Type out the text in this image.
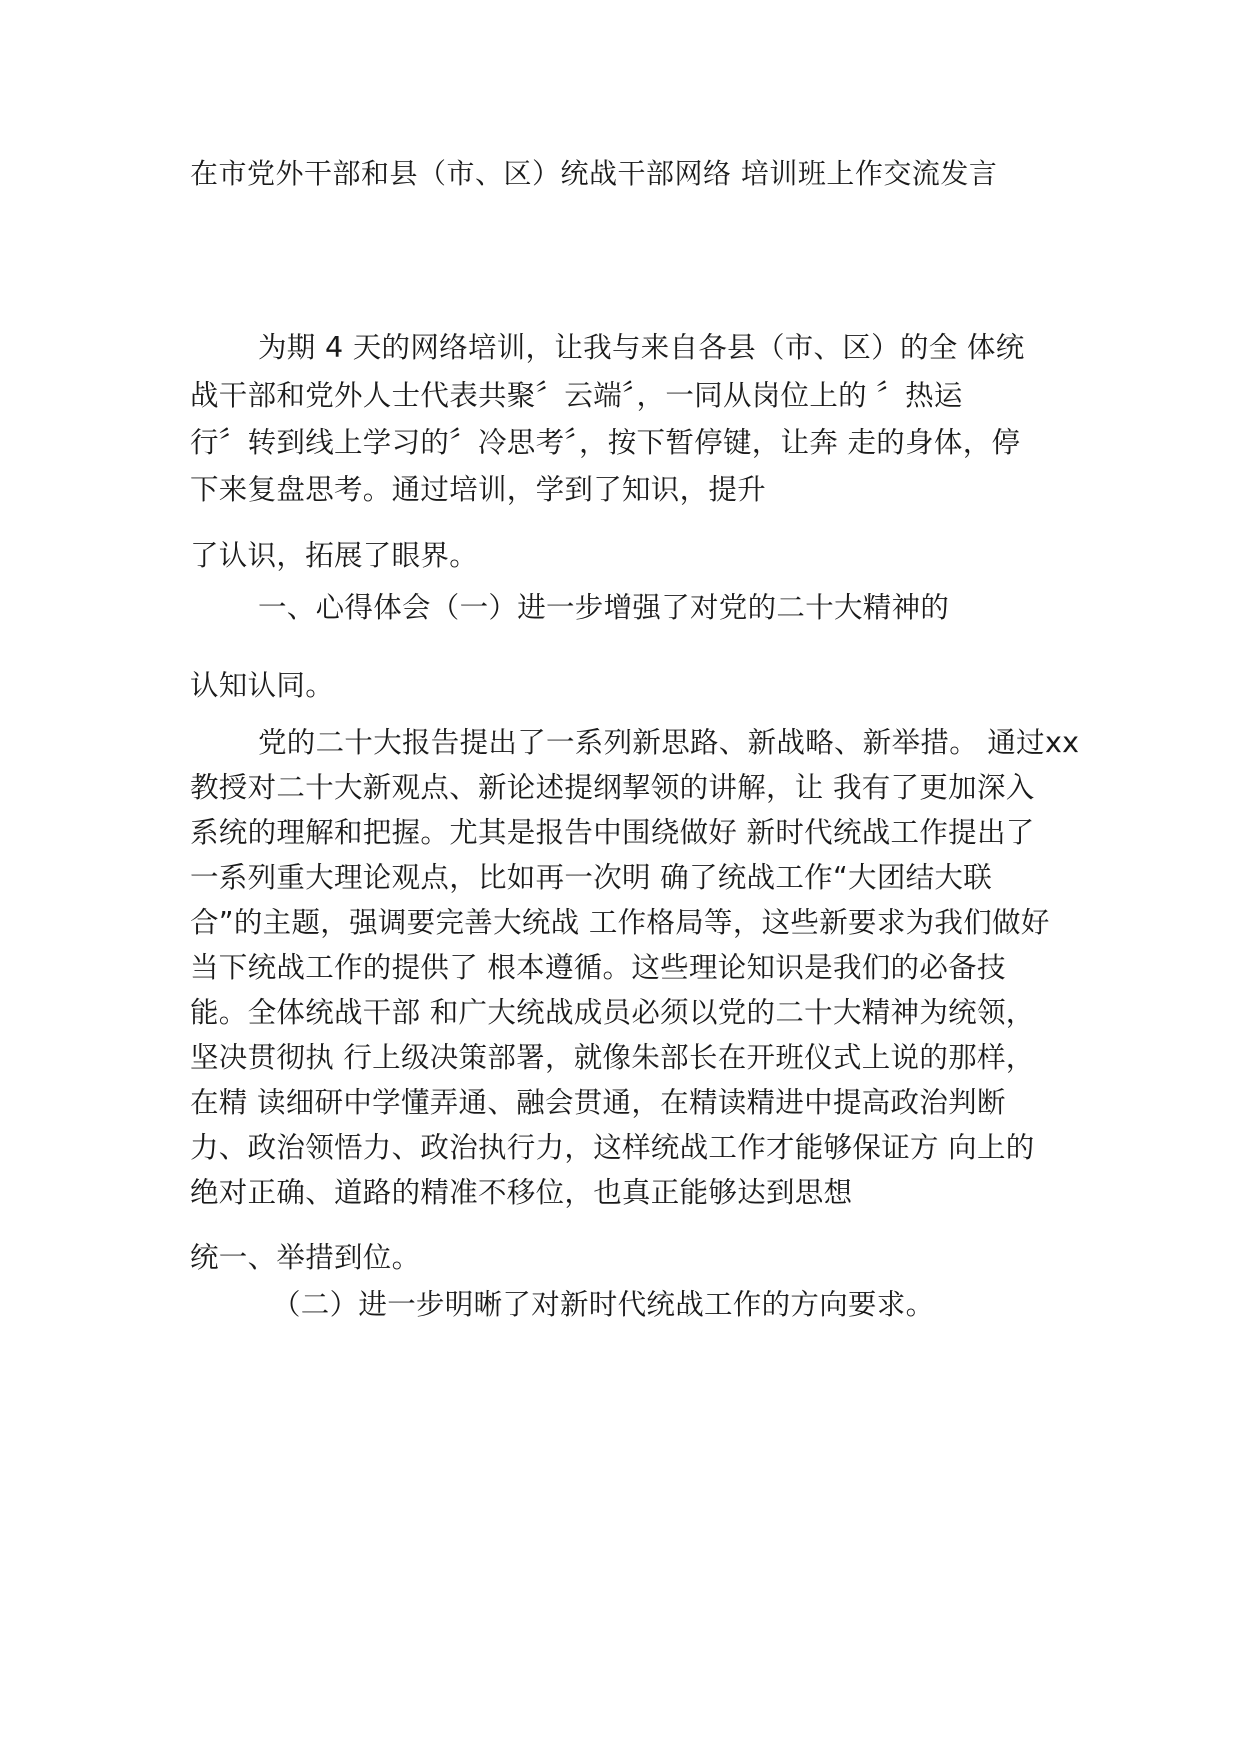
在市党外干部和县（市、区）统战干部网络 培训班上作交流发言
为期 4 天的网络培训，让我与来自各县（市、区）的全 体统
战干部和党外人士代表共聚〞云端〞，一同从岗位上的 〞热运
行〞转到线上学习的〞冷思考〞，按下暂停键，让奔 走的身体，停
下来复盘思考。通过培训，学到了知识，提升
了认识，拓展了眼界。
一、心得体会（一）进一步增强了对党的二十大精神的
认知认同。
党的二十大报告提出了一系列新思路、新战略、新举措。 通过xx
教授对二十大新观点、新论述提纲挈领的讲解，让 我有了更加深入
系统的理解和把握。尤其是报告中围绕做好 新时代统战工作提出了
一系列重大理论观点，比如再一次明 确了统战工作“大团结大联
合”的主题，强调要完善大统战 工作格局等，这些新要求为我们做好
当下统战工作的提供了 根本遵循。这些理论知识是我们的必备技
能。全体统战干部 和广大统战成员必须以党的二十大精神为统领，
坚决贯彻执 行上级决策部署，就像朱部长在开班仪式上说的那样，
在精 读细研中学懂弄通、融会贯通，在精读精进中提高政治判断
力、政治领悟力、政治执行力，这样统战工作才能够保证方 向上的
绝对正确、道路的精准不移位，也真正能够达到思想
统一、举措到位。
（二）进一步明晰了对新时代统战工作的方向要求。
